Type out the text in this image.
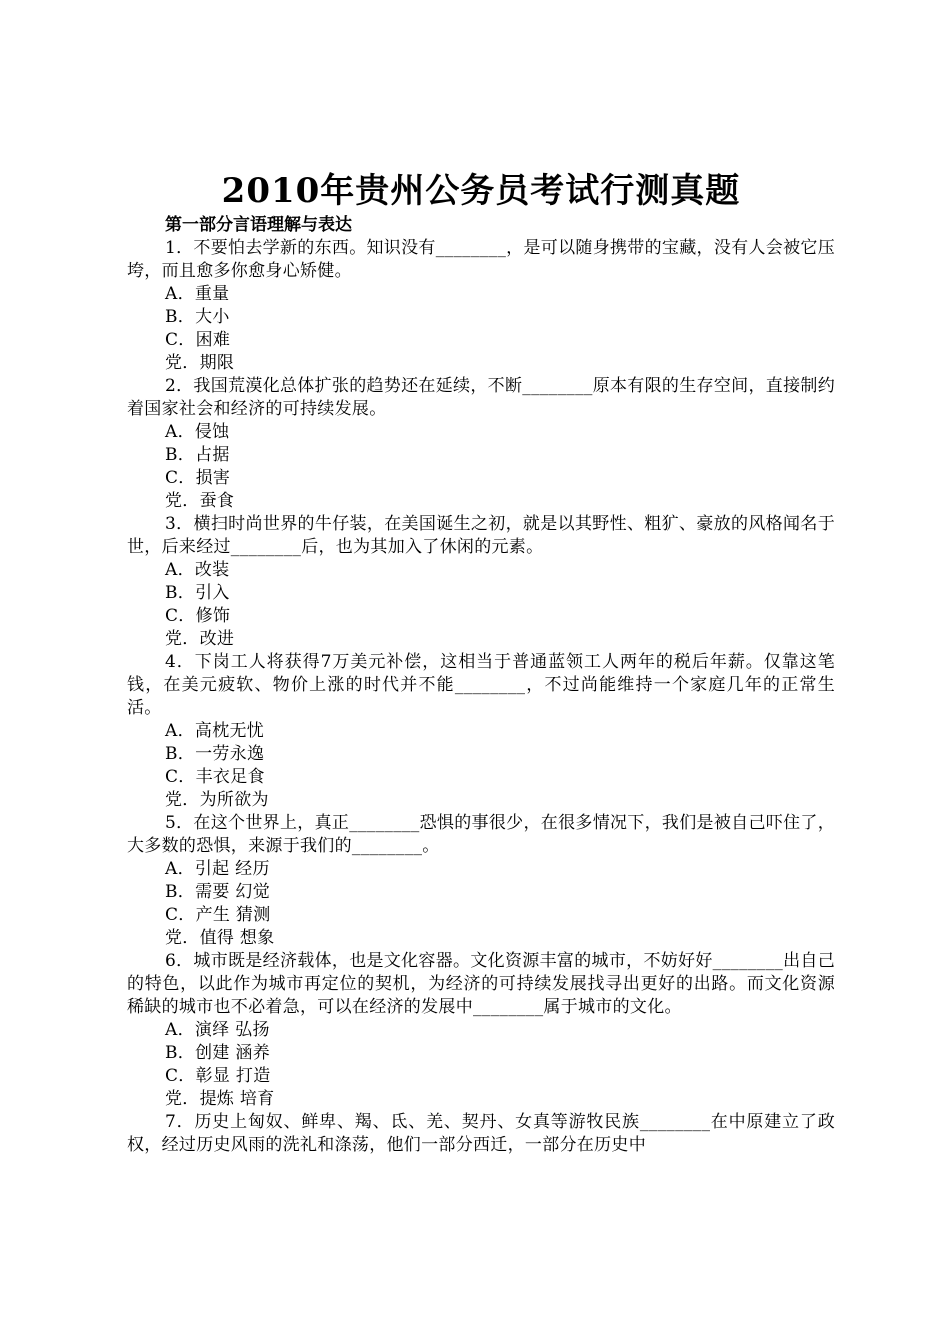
2010年贵州公务员考试行测真题

第一部分言语理解与表达

1．不要怕去学新的东西。知识没有________，是可以随身携带的宝藏，没有人会被它压垮，而且愈多你愈身心矫健。

A．重量

B．大小

C．困难

党．期限

2．我国荒漠化总体扩张的趋势还在延续，不断________原本有限的生存空间，直接制约着国家社会和经济的可持续发展。

A．侵蚀

B．占据

C．损害

党．蚕食

3．横扫时尚世界的牛仔装，在美国诞生之初，就是以其野性、粗犷、豪放的风格闻名于世，后来经过________后，也为其加入了休闲的元素。

A．改装

B．引入

C．修饰

党．改进

4．下岗工人将获得7万美元补偿，这相当于普通蓝领工人两年的税后年薪。仅靠这笔钱，在美元疲软、物价上涨的时代并不能________，不过尚能维持一个家庭几年的正常生活。

A．高枕无忧

B．一劳永逸

C．丰衣足食

党．为所欲为

5．在这个世界上，真正________恐惧的事很少，在很多情况下，我们是被自己吓住了，大多数的恐惧，来源于我们的________。

A．引起 经历

B．需要 幻觉

C．产生 猜测

党．值得 想象

6．城市既是经济载体，也是文化容器。文化资源丰富的城市，不妨好好________出自己的特色，以此作为城市再定位的契机，为经济的可持续发展找寻出更好的出路。而文化资源稀缺的城市也不必着急，可以在经济的发展中________属于城市的文化。

A．演绎 弘扬

B．创建 涵养

C．彰显 打造

党．提炼 培育

7．历史上匈奴、鲜卑、羯、氐、羌、契丹、女真等游牧民族________在中原建立了政权，经过历史风雨的洗礼和涤荡，他们一部分西迁，一部分在历史中
